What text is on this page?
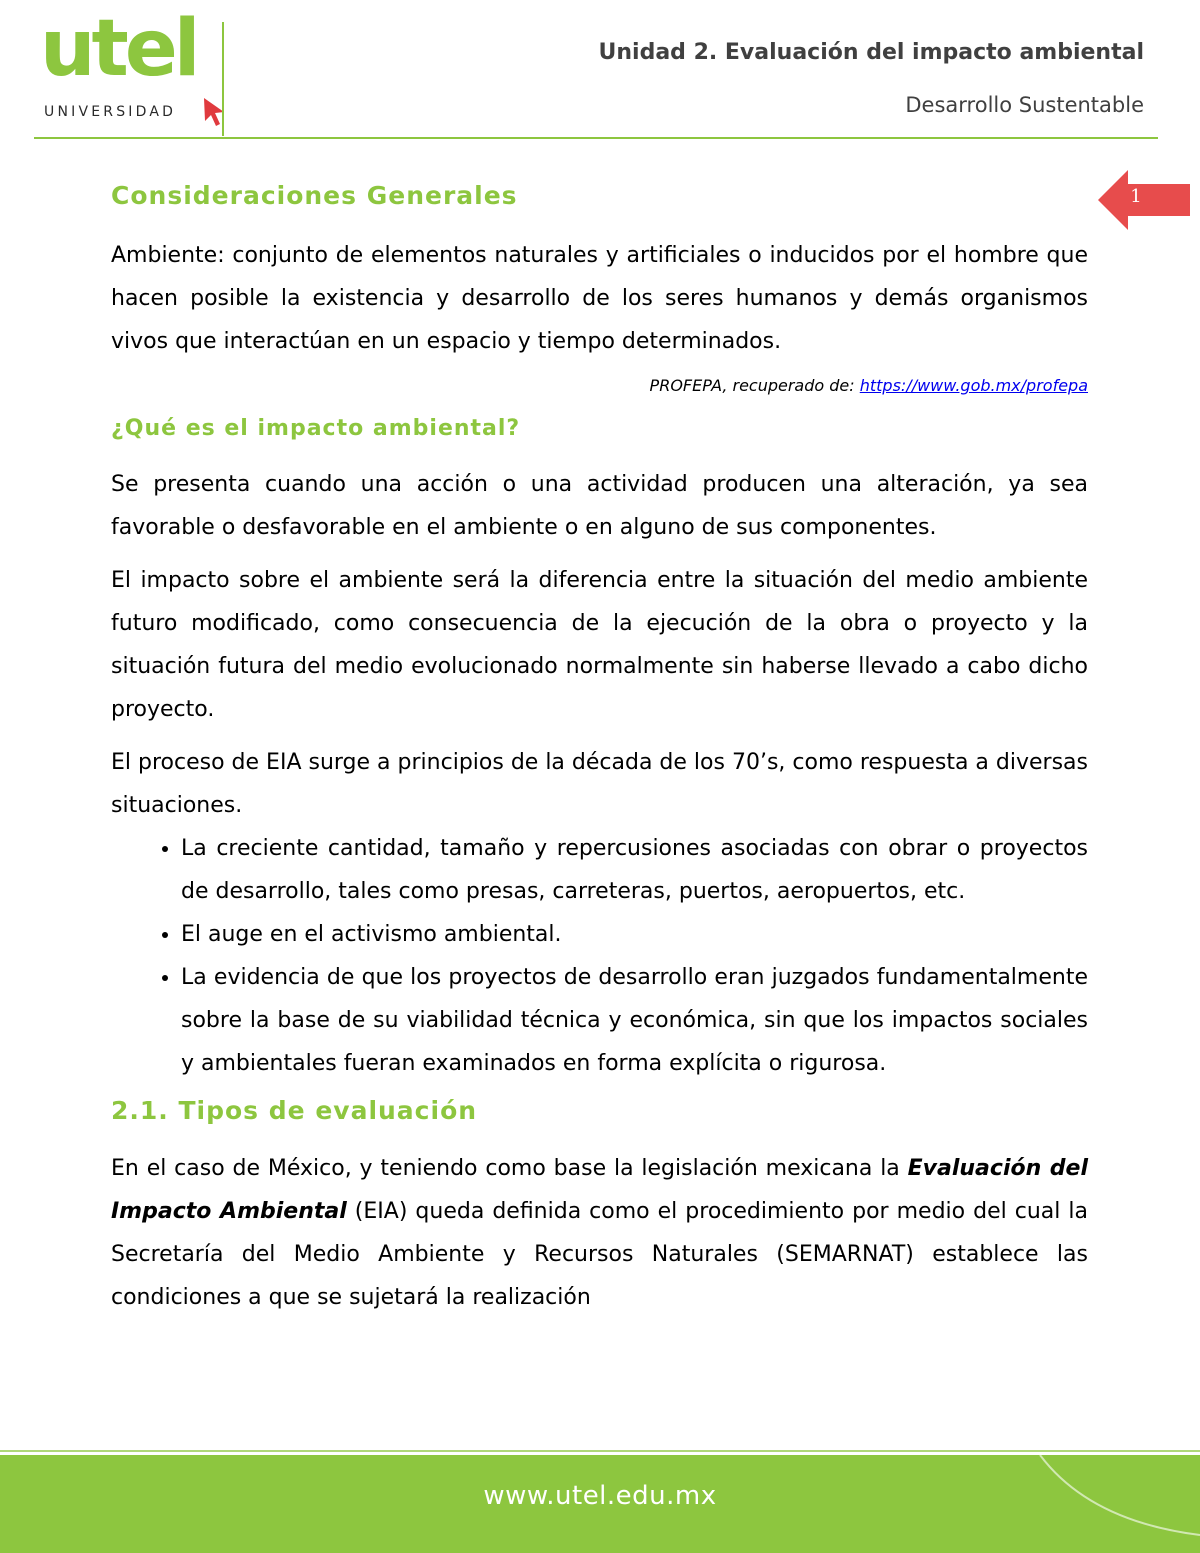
utel
UNIVERSIDAD
Unidad 2. Evaluación del impacto ambiental
Desarrollo Sustentable
1
Consideraciones Generales

Ambiente: conjunto de elementos naturales y artificiales o inducidos por el hombre que hacen posible la existencia y desarrollo de los seres humanos y demás organismos vivos que interactúan en un espacio y tiempo determinados.

PROFEPA, recuperado de: https://www.gob.mx/profepa

¿Qué es el impacto ambiental?

Se presenta cuando una acción o una actividad producen una alteración, ya sea favorable o desfavorable en el ambiente o en alguno de sus componentes.

El impacto sobre el ambiente será la diferencia entre la situación del medio ambiente futuro modificado, como consecuencia de la ejecución de la obra o proyecto y la situación futura del medio evolucionado normalmente sin haberse llevado a cabo dicho proyecto.

El proceso de EIA surge a principios de la década de los 70’s, como respuesta a diversas situaciones.

• La creciente cantidad, tamaño y repercusiones asociadas con obrar o proyectos de desarrollo, tales como presas, carreteras, puertos, aeropuertos, etc.
• El auge en el activismo ambiental.
• La evidencia de que los proyectos de desarrollo eran juzgados fundamentalmente sobre la base de su viabilidad técnica y económica, sin que los impactos sociales y ambientales fueran examinados en forma explícita o rigurosa.
2.1. Tipos de evaluación

En el caso de México, y teniendo como base la legislación mexicana la Evaluación del Impacto Ambiental (EIA) queda definida como el procedimiento por medio del cual la Secretaría del Medio Ambiente y Recursos Naturales (SEMARNAT) establece las condiciones a que se sujetará la realización

www.utel.edu.mx
